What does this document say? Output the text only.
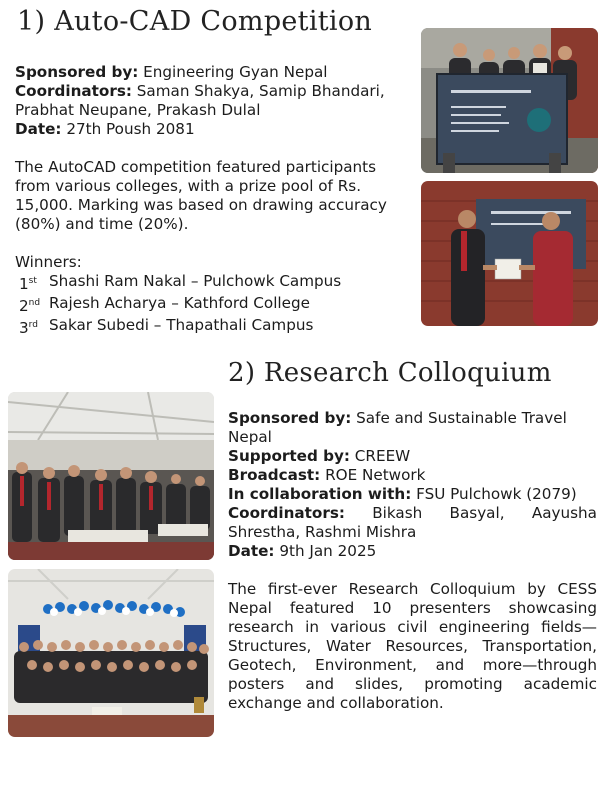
1) Auto-CAD Competition

Sponsored by: Engineering Gyan Nepal

Coordinators: Saman Shakya, Samip Bhandari, Prabhat Neupane, Prakash Dulal

Date: 27th Poush 2081

The AutoCAD competition featured participants from various colleges, with a prize pool of Rs. 15,000. Marking was based on drawing accuracy (80%) and time (20%).

Winners:

1st Shashi Ram Nakal – Pulchowk Campus
2nd Rajesh Acharya – Kathford College
3rd Sakar Subedi – Thapathali Campus
2) Research Colloquium

Sponsored by: Safe and Sustainable Travel Nepal

Supported by: CREEW

Broadcast: ROE Network

In collaboration with: FSU Pulchowk (2079)

Coordinators: Bikash Basyal, Aayusha Shrestha, Rashmi Mishra

Date: 9th Jan 2025

The first-ever Research Colloquium by CESS Nepal featured 10 presenters showcasing research in various civil engineering fields—Structures, Water Resources, Transportation, Geotech, Environment, and more—through posters and slides, promoting academic exchange and collaboration.
